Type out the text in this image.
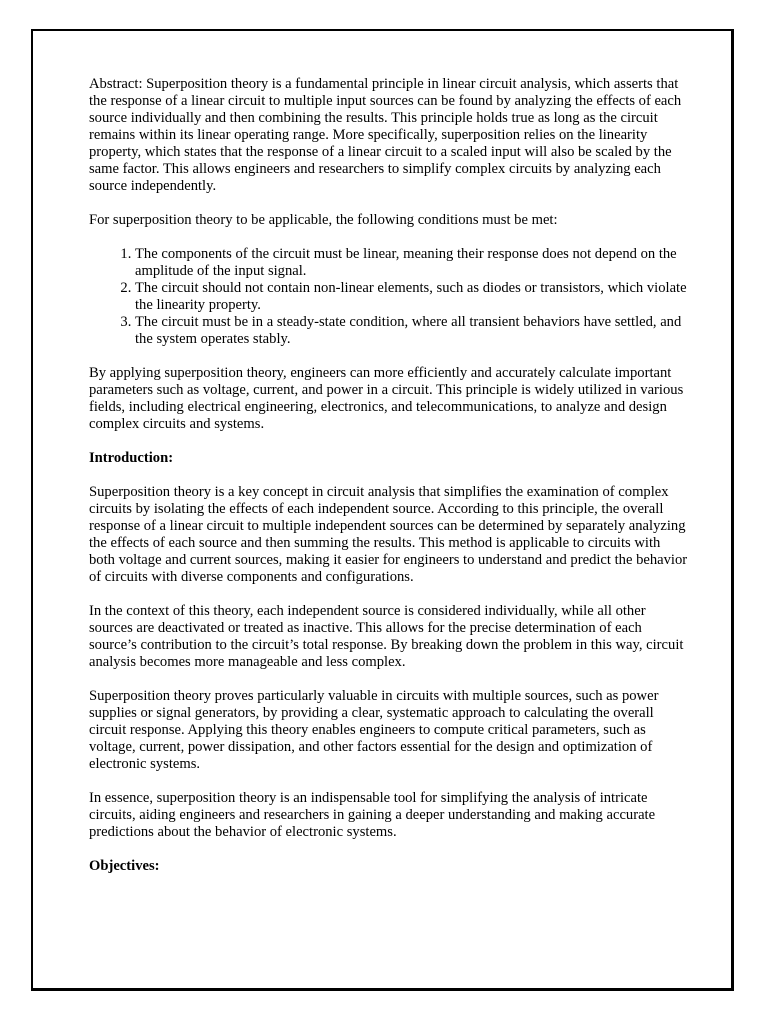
Abstract: Superposition theory is a fundamental principle in linear circuit analysis, which asserts that the response of a linear circuit to multiple input sources can be found by analyzing the effects of each source individually and then combining the results. This principle holds true as long as the circuit remains within its linear operating range. More specifically, superposition relies on the linearity property, which states that the response of a linear circuit to a scaled input will also be scaled by the same factor. This allows engineers and researchers to simplify complex circuits by analyzing each source independently.

For superposition theory to be applicable, the following conditions must be met:

1. The components of the circuit must be linear, meaning their response does not depend on the amplitude of the input signal.
2. The circuit should not contain non-linear elements, such as diodes or transistors, which violate the linearity property.
3. The circuit must be in a steady-state condition, where all transient behaviors have settled, and the system operates stably.

By applying superposition theory, engineers can more efficiently and accurately calculate important parameters such as voltage, current, and power in a circuit. This principle is widely utilized in various fields, including electrical engineering, electronics, and telecommunications, to analyze and design complex circuits and systems.

Introduction:

Superposition theory is a key concept in circuit analysis that simplifies the examination of complex circuits by isolating the effects of each independent source. According to this principle, the overall response of a linear circuit to multiple independent sources can be determined by separately analyzing the effects of each source and then summing the results. This method is applicable to circuits with both voltage and current sources, making it easier for engineers to understand and predict the behavior of circuits with diverse components and configurations.

In the context of this theory, each independent source is considered individually, while all other sources are deactivated or treated as inactive. This allows for the precise determination of each source’s contribution to the circuit’s total response. By breaking down the problem in this way, circuit analysis becomes more manageable and less complex.

Superposition theory proves particularly valuable in circuits with multiple sources, such as power supplies or signal generators, by providing a clear, systematic approach to calculating the overall circuit response. Applying this theory enables engineers to compute critical parameters, such as voltage, current, power dissipation, and other factors essential for the design and optimization of electronic systems.

In essence, superposition theory is an indispensable tool for simplifying the analysis of intricate circuits, aiding engineers and researchers in gaining a deeper understanding and making accurate predictions about the behavior of electronic systems.

Objectives:
